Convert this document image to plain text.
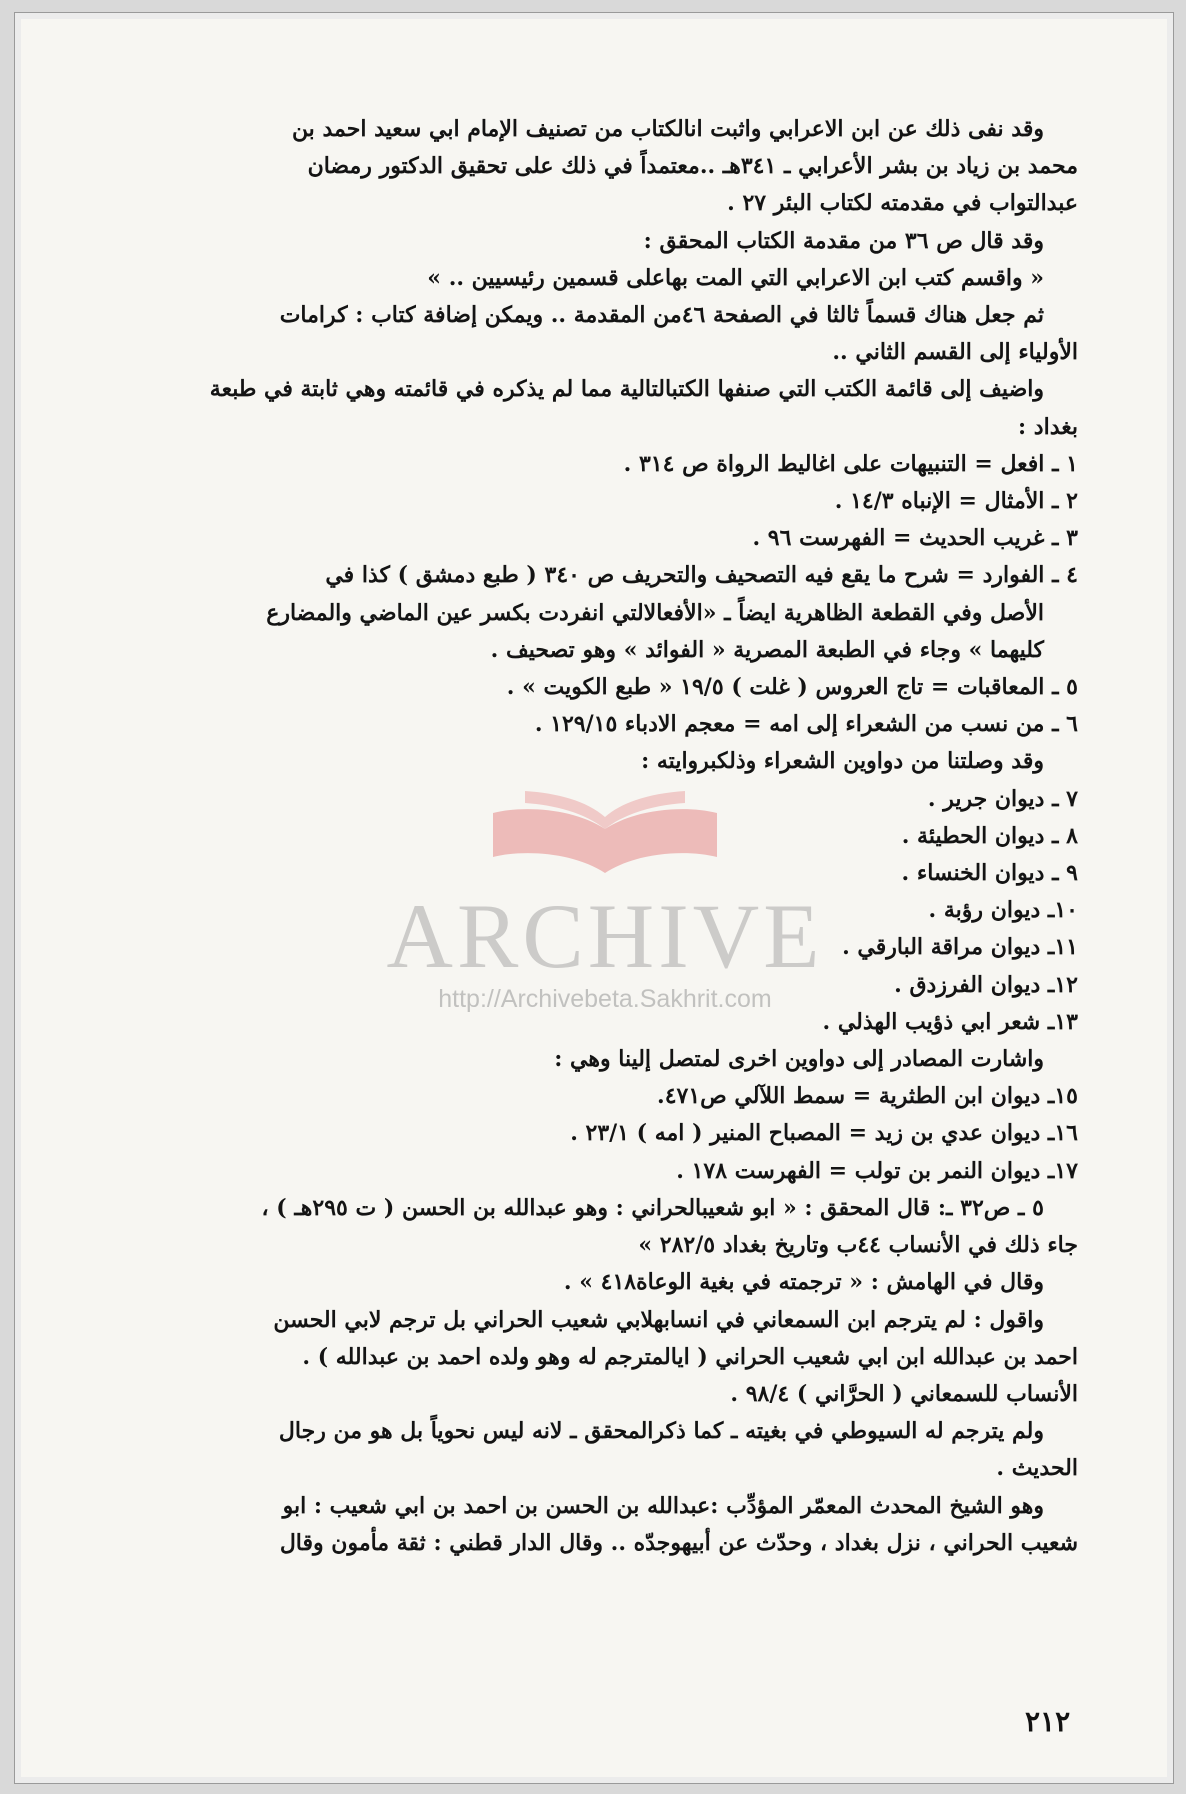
ARCHIVE
http://Archivebeta.Sakhrit.com
وقد نفى ذلك عن ابن الاعرابي واثبت انالكتاب من تصنيف الإمام ابي سعيد احمد بن
محمد بن زياد بن بشر الأعرابي ـ ٣٤١هـ ..معتمداً في ذلك على تحقيق الدكتور رمضان
عبدالتواب في مقدمته لكتاب البئر ٢٧ .
وقد قال ص ٣٦ من مقدمة الكتاب المحقق :
« واقسم كتب ابن الاعرابي التي المت بهاعلى قسمين رئيسيين .. »
ثم جعل هناك قسماً ثالثا في الصفحة ٤٦من المقدمة .. ويمكن إضافة كتاب : كرامات
الأولياء إلى القسم الثاني ..
واضيف إلى قائمة الكتب التي صنفها الكتبالتالية مما لم يذكره في قائمته وهي ثابتة في طبعة
بغداد :
١ ـ افعل = التنبيهات على اغاليط الرواة ص ٣١٤ .
٢ ـ الأمثال = الإنباه ١٤/٣ .
٣ ـ غريب الحديث = الفهرست ٩٦ .
٤ ـ الفوارد = شرح ما يقع فيه التصحيف والتحريف ص ٣٤٠ ( طبع دمشق ) كذا في
الأصل وفي القطعة الظاهرية ايضاً ـ «الأفعالالتي انفردت بكسر عين الماضي والمضارع
كليهما » وجاء في الطبعة المصرية « الفوائد » وهو تصحيف .
٥ ـ المعاقبات = تاج العروس ( غلت ) ١٩/٥ « طبع الكويت » .
٦ ـ من نسب من الشعراء إلى امه = معجم الادباء ١٢٩/١٥ .
وقد وصلتنا من دواوين الشعراء وذلكبروايته :
٧ ـ ديوان جرير .
٨ ـ ديوان الحطيئة .
٩ ـ ديوان الخنساء .
١٠ـ ديوان رؤبة .
١١ـ ديوان مراقة البارقي .
١٢ـ ديوان الفرزدق .
١٣ـ شعر ابي ذؤيب الهذلي .
واشارت المصادر إلى دواوين اخرى لمتصل إلينا وهي :
١٥ـ ديوان ابن الطثرية = سمط اللآلي ص٤٧١.
١٦ـ ديوان عدي بن زيد = المصباح المنير ( امه ) ٢٣/١ .
١٧ـ ديوان النمر بن تولب = الفهرست ١٧٨ .
٥ ـ ص٣٢ ـ: قال المحقق : « ابو شعيبالحراني : وهو عبدالله بن الحسن ( ت ٢٩٥هـ ) ،
جاء ذلك في الأنساب ٤٤ب وتاريخ بغداد ٢٨٢/٥ »
وقال في الهامش : « ترجمته في بغية الوعاة٤١٨ » .
واقول : لم يترجم ابن السمعاني في انسابهلابي شعيب الحراني بل ترجم لابي الحسن
احمد بن عبدالله ابن ابي شعيب الحراني ( ايالمترجم له وهو ولده احمد بن عبدالله ) .
الأنساب للسمعاني ( الحرَّاني ) ٩٨/٤ .
ولم يترجم له السيوطي في بغيته ـ كما ذكرالمحقق ـ لانه ليس نحوياً بل هو من رجال
الحديث .
وهو الشيخ المحدث المعمّر المؤدِّب :عبدالله بن الحسن بن احمد بن ابي شعيب : ابو
شعيب الحراني ، نزل بغداد ، وحدّث عن أبيهوجدّه .. وقال الدار قطني : ثقة مأمون وقال
٢١٢
